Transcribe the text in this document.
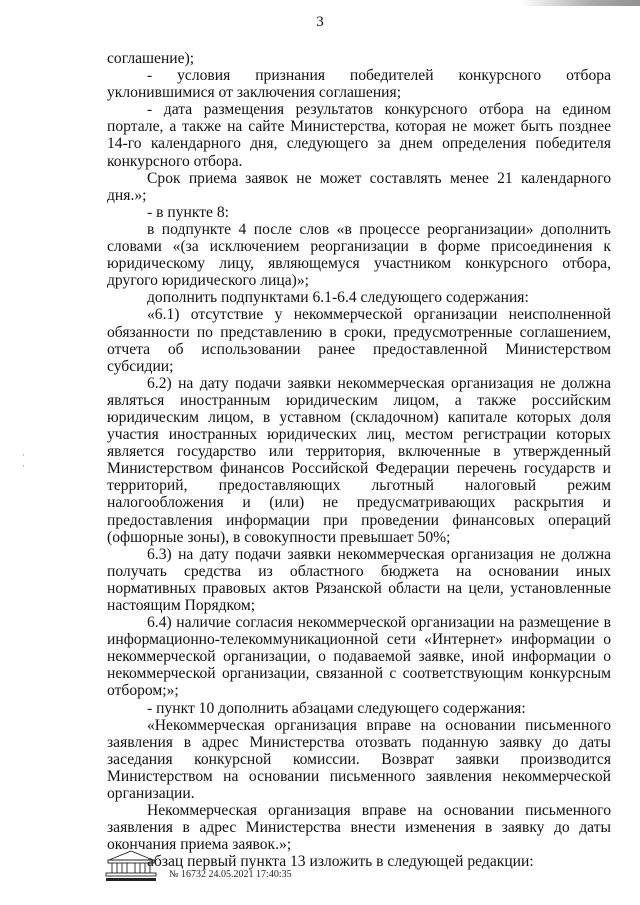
3

соглашение);

- условия признания победителей конкурсного отбора уклонившимися от заключения соглашения;

- дата размещения результатов конкурсного отбора на едином портале, а также на сайте Министерства, которая не может быть позднее 14-го календарного дня, следующего за днем определения победителя конкурсного отбора.

Срок приема заявок не может составлять менее 21 календарного дня.»;

- в пункте 8:

в подпункте 4 после слов «в процессе реорганизации» дополнить словами «(за исключением реорганизации в форме присоединения к юридическому лицу, являющемуся участником конкурсного отбора, другого юридического лица)»;

дополнить подпунктами 6.1-6.4 следующего содержания:

«6.1) отсутствие у некоммерческой организации неисполненной обязанности по представлению в сроки, предусмотренные соглашением, отчета об использовании ранее предоставленной Министерством субсидии;

6.2) на дату подачи заявки некоммерческая организация не должна являться иностранным юридическим лицом, а также российским юридическим лицом, в уставном (складочном) капитале которых доля участия иностранных юридических лиц, местом регистрации которых является государство или территория, включенные в утвержденный Министерством финансов Российской Федерации перечень государств и территорий, предоставляющих льготный налоговый режим налогообложения и (или) не предусматривающих раскрытия и предоставления информации при проведении финансовых операций (офшорные зоны), в совокупности превышает 50%;

6.3) на дату подачи заявки некоммерческая организация не должна получать средства из областного бюджета на основании иных нормативных правовых актов Рязанской области на цели, установленные настоящим Порядком;

6.4) наличие согласия некоммерческой организации на размещение в информационно-телекоммуникационной сети «Интернет» информации о некоммерческой организации, о подаваемой заявке, иной информации о некоммерческой организации, связанной с соответствующим конкурсным отбором;»;

- пункт 10 дополнить абзацами следующего содержания:

«Некоммерческая организация вправе на основании письменного заявления в адрес Министерства отозвать поданную заявку до даты заседания конкурсной комиссии. Возврат заявки производится Министерством на основании письменного заявления некоммерческой организации.

Некоммерческая организация вправе на основании письменного заявления в адрес Министерства внести изменения в заявку до даты окончания приема заявок.»;

абзац первый пункта 13 изложить в следующей редакции:

·
·
№ 16732 24.05.2021 17:40:35
